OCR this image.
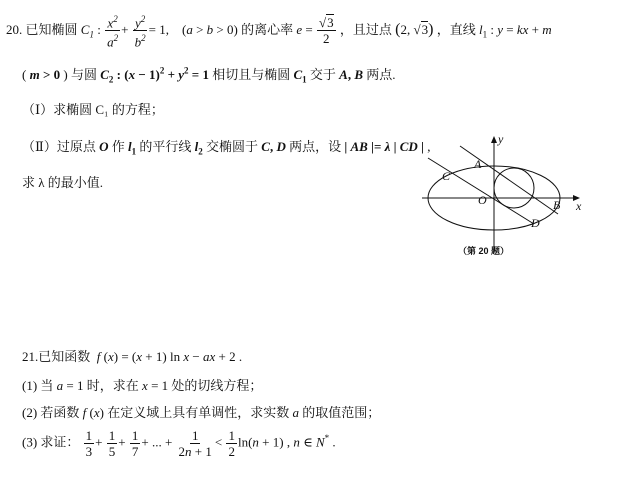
20. 已知椭圆 $C_1$ : $\frac{x^2}{a^2} + \frac{y^2}{b^2} = 1$,    (a > b > 0) 的离心率 $e = \frac{√3}{2}$ ，且过点 (2, √3) ，直线 $l_1$ : y = kx + m
( m > 0 ) 与圆 $C_2$ : $(x - 1)^2 + y^2 = 1$ 相切且与椭圆 $C_1$ 交于 A, B 两点.
（Ⅰ）求椭圆 C₁ 的方程；
（Ⅱ）过原点 O 作 $l_1$ 的平行线 $l_2$ 交椭圆于 C, D 两点，设 | AB |= λ | CD | ,
求 λ 的最小值.
y
x
A
C
O	B
D
（第 20 题）
21.已知函数 f (x) = (x + 1) ln x − ax + 2 .
(1) 当 a = 1 时，求在 x = 1 处的切线方程；
(2) 若函数 f (x) 在定义域上具有单调性，求实数 a 的取值范围；
(3) 求证： $\frac{1}{3} + \frac{1}{5} + \frac{1}{7}$ + ... + $\frac{1}{2n + 1} < \frac{1}{2} \ln(n + 1)$ , n ∈ N* .
